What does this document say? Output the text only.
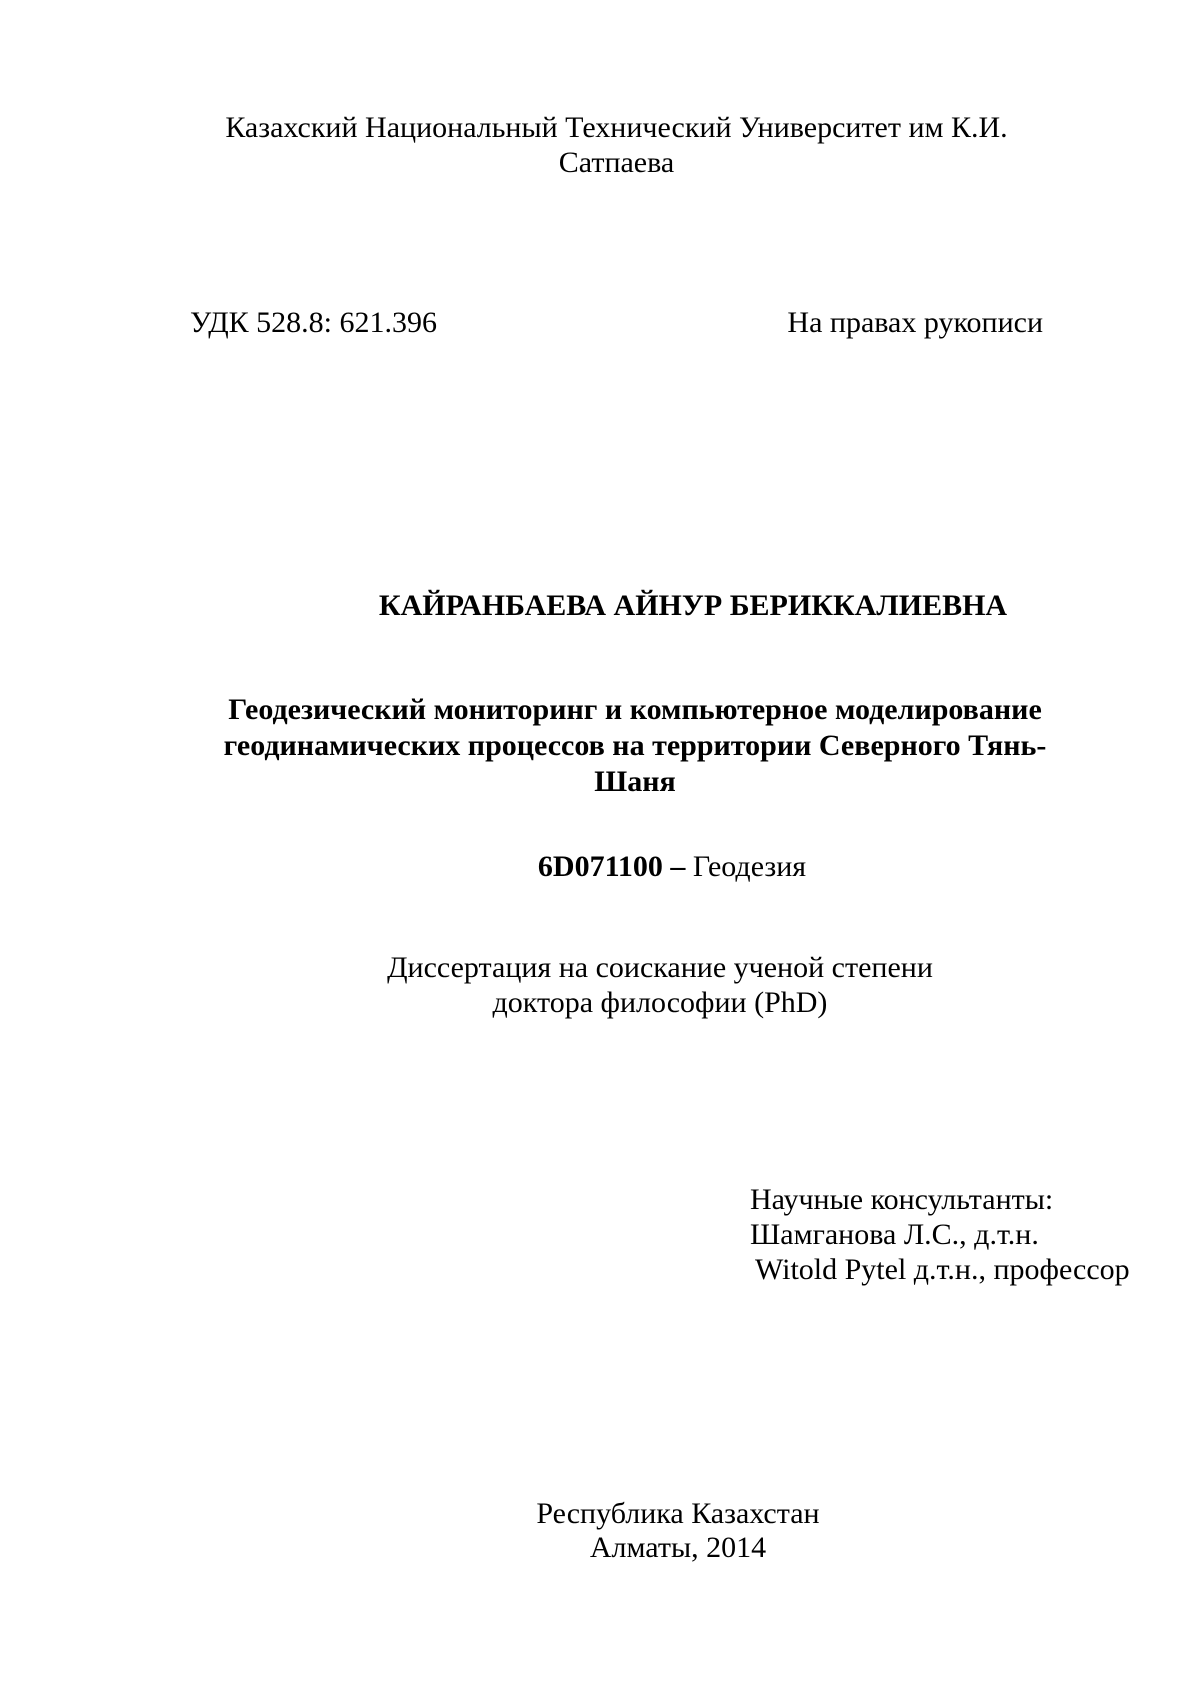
Казахский Национальный Технический Университет им К.И. Сатпаева
УДК 528.8: 621.396	На правах рукописи
КАЙРАНБАЕВА АЙНУР БЕРИККАЛИЕВНА
Геодезический мониторинг и компьютерное моделирование
геодинамических процессов на территории Северного Тянь-Шаня
6D071100 – Геодезия
Диссертация на соискание ученой степени
доктора философии (PhD)
Научные консультанты:
Шамганова Л.С., д.т.н.
Witold Pytel д.т.н., профессор
Республика Казахстан
Алматы, 2014
